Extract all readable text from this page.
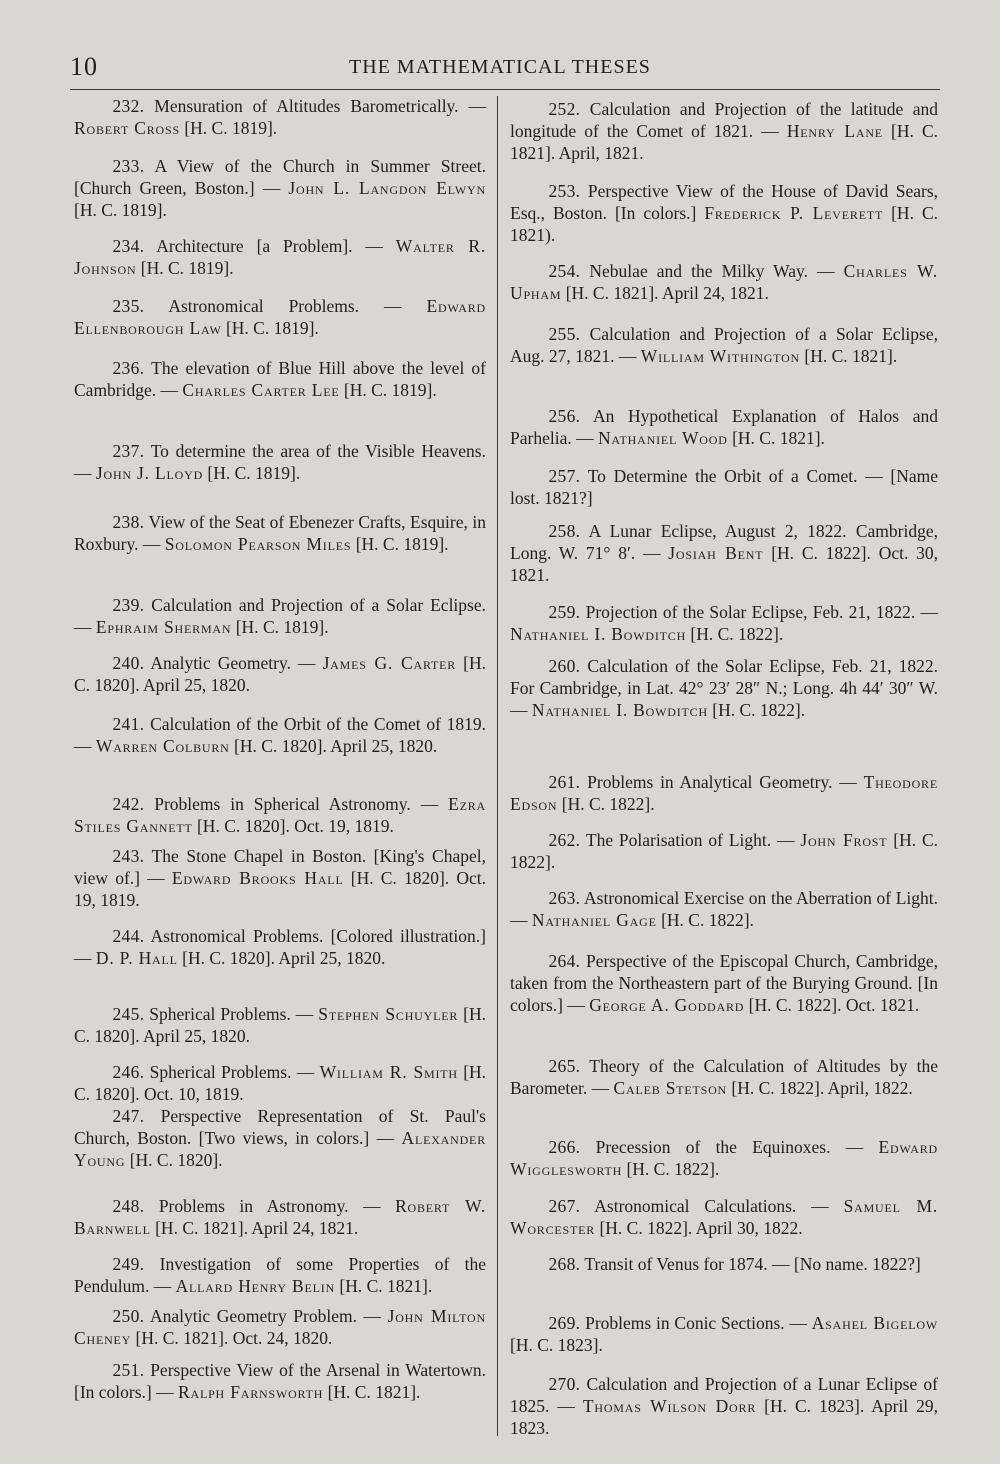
10	THE MATHEMATICAL THESES
232. Mensuration of Altitudes Barometrically. — Robert Cross [H. C. 1819].
233. A View of the Church in Summer Street. [Church Green, Boston.] — John L. Langdon Elwyn [H. C. 1819].
234. Architecture [a Problem]. — Walter R. Johnson [H. C. 1819].
235. Astronomical Problems. — Edward Ellenborough Law [H. C. 1819].
236. The elevation of Blue Hill above the level of Cambridge. — Charles Carter Lee [H. C. 1819].
237. To determine the area of the Visible Heavens. — John J. Lloyd [H. C. 1819].
238. View of the Seat of Ebenezer Crafts, Esquire, in Roxbury. — Solomon Pearson Miles [H. C. 1819].
239. Calculation and Projection of a Solar Eclipse. — Ephraim Sherman [H. C. 1819].
240. Analytic Geometry. — James G. Carter [H. C. 1820]. April 25, 1820.
241. Calculation of the Orbit of the Comet of 1819. — Warren Colburn [H. C. 1820]. April 25, 1820.
242. Problems in Spherical Astronomy. — Ezra Stiles Gannett [H. C. 1820]. Oct. 19, 1819.
243. The Stone Chapel in Boston. [King's Chapel, view of.] — Edward Brooks Hall [H. C. 1820]. Oct. 19, 1819.
244. Astronomical Problems. [Colored illustration.] — D. P. Hall [H. C. 1820]. April 25, 1820.
245. Spherical Problems. — Stephen Schuyler [H. C. 1820]. April 25, 1820.
246. Spherical Problems. — William R. Smith [H. C. 1820]. Oct. 10, 1819.
247. Perspective Representation of St. Paul's Church, Boston. [Two views, in colors.] — Alexander Young [H. C. 1820].
248. Problems in Astronomy. — Robert W. Barnwell [H. C. 1821]. April 24, 1821.
249. Investigation of some Properties of the Pendulum. — Allard Henry Belin [H. C. 1821].
250. Analytic Geometry Problem. — John Milton Cheney [H. C. 1821]. Oct. 24, 1820.
251. Perspective View of the Arsenal in Watertown. [In colors.] — Ralph Farnsworth [H. C. 1821].
252. Calculation and Projection of the latitude and longitude of the Comet of 1821. — Henry Lane [H. C. 1821]. April, 1821.
253. Perspective View of the House of David Sears, Esq., Boston. [In colors.] Frederick P. Leverett [H. C. 1821).
254. Nebulae and the Milky Way. — Charles W. Upham [H. C. 1821]. April 24, 1821.
255. Calculation and Projection of a Solar Eclipse, Aug. 27, 1821. — William Withington [H. C. 1821].
256. An Hypothetical Explanation of Halos and Parhelia. — Nathaniel Wood [H. C. 1821].
257. To Determine the Orbit of a Comet. — [Name lost. 1821?]
258. A Lunar Eclipse, August 2, 1822. Cambridge, Long. W. 71° 8′. — Josiah Bent [H. C. 1822]. Oct. 30, 1821.
259. Projection of the Solar Eclipse, Feb. 21, 1822. — Nathaniel I. Bowditch [H. C. 1822].
260. Calculation of the Solar Eclipse, Feb. 21, 1822. For Cambridge, in Lat. 42° 23′ 28″ N.; Long. 4h 44′ 30″ W. — Nathaniel I. Bowditch [H. C. 1822].
261. Problems in Analytical Geometry. — Theodore Edson [H. C. 1822].
262. The Polarisation of Light. — John Frost [H. C. 1822].
263. Astronomical Exercise on the Aberration of Light. — Nathaniel Gage [H. C. 1822].
264. Perspective of the Episcopal Church, Cambridge, taken from the Northeastern part of the Burying Ground. [In colors.] — George A. Goddard [H. C. 1822]. Oct. 1821.
265. Theory of the Calculation of Altitudes by the Barometer. — Caleb Stetson [H. C. 1822]. April, 1822.
266. Precession of the Equinoxes. — Edward Wigglesworth [H. C. 1822].
267. Astronomical Calculations. — Samuel M. Worcester [H. C. 1822]. April 30, 1822.
268. Transit of Venus for 1874. — [No name. 1822?]
269. Problems in Conic Sections. — Asahel Bigelow [H. C. 1823].
270. Calculation and Projection of a Lunar Eclipse of 1825. — Thomas Wilson Dorr [H. C. 1823]. April 29, 1823.
